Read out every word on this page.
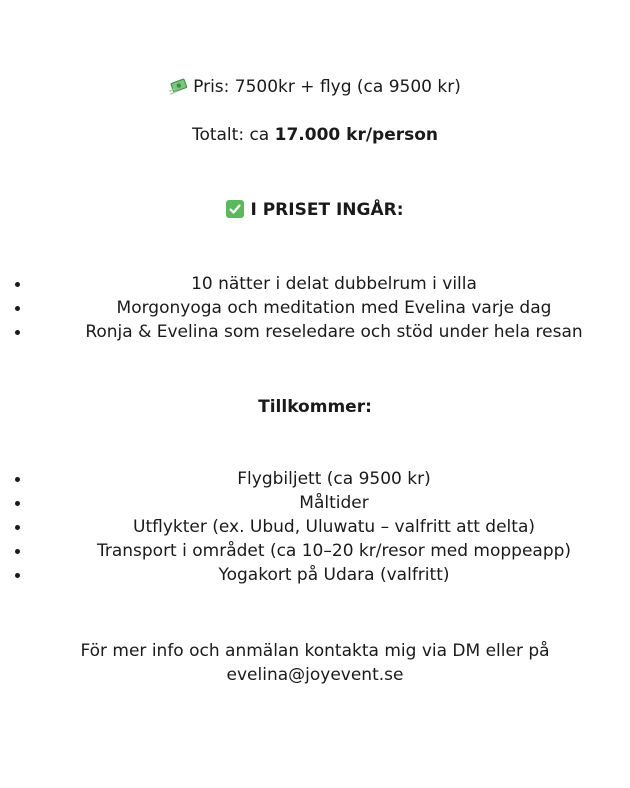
Pris: 7500kr + flyg (ca 9500 kr)
Totalt: ca 17.000 kr/person
I PRISET INGÅR:
10 nätter i delat dubbelrum i villa
Morgonyoga och meditation med Evelina varje dag
Ronja & Evelina som reseledare och stöd under hela resan
Tillkommer:
Flygbiljett (ca 9500 kr)
Måltider
Utflykter (ex. Ubud, Uluwatu – valfritt att delta)
Transport i området (ca 10–20 kr/resor med moppeapp)
Yogakort på Udara (valfritt)
För mer info och anmälan kontakta mig via DM eller på
evelina@joyevent.se
